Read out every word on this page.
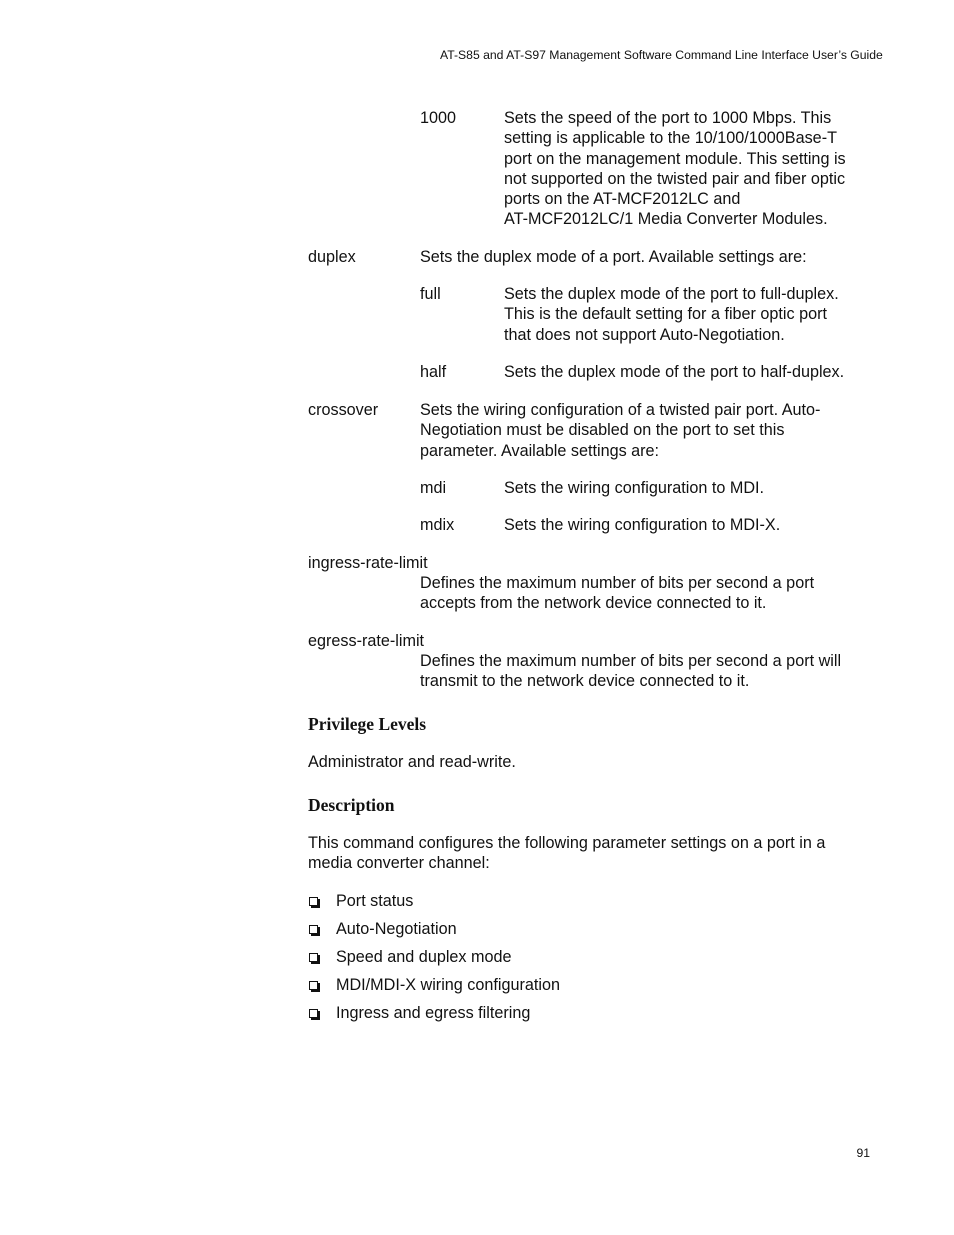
AT-S85 and AT-S97 Management Software Command Line Interface User’s Guide
1000	Sets the speed of the port to 1000 Mbps. This
setting is applicable to the 10/100/1000Base-T
port on the management module. This setting is
not supported on the twisted pair and fiber optic
ports on the AT-MCF2012LC and
AT-MCF2012LC/1 Media Converter Modules.
duplex	Sets the duplex mode of a port. Available settings are:
full	Sets the duplex mode of the port to full-duplex.
This is the default setting for a fiber optic port
that does not support Auto-Negotiation.
half	Sets the duplex mode of the port to half-duplex.
crossover	Sets the wiring configuration of a twisted pair port. Auto-
Negotiation must be disabled on the port to set this
parameter. Available settings are:
mdi	Sets the wiring configuration to MDI.
mdix	Sets the wiring configuration to MDI-X.
ingress-rate-limit
Defines the maximum number of bits per second a port
accepts from the network device connected to it.
egress-rate-limit
Defines the maximum number of bits per second a port will
transmit to the network device connected to it.
Privilege Levels
Administrator and read-write.
Description
This command configures the following parameter settings on a port in a
media converter channel:
Port status
Auto-Negotiation
Speed and duplex mode
MDI/MDI-X wiring configuration
Ingress and egress filtering
91
